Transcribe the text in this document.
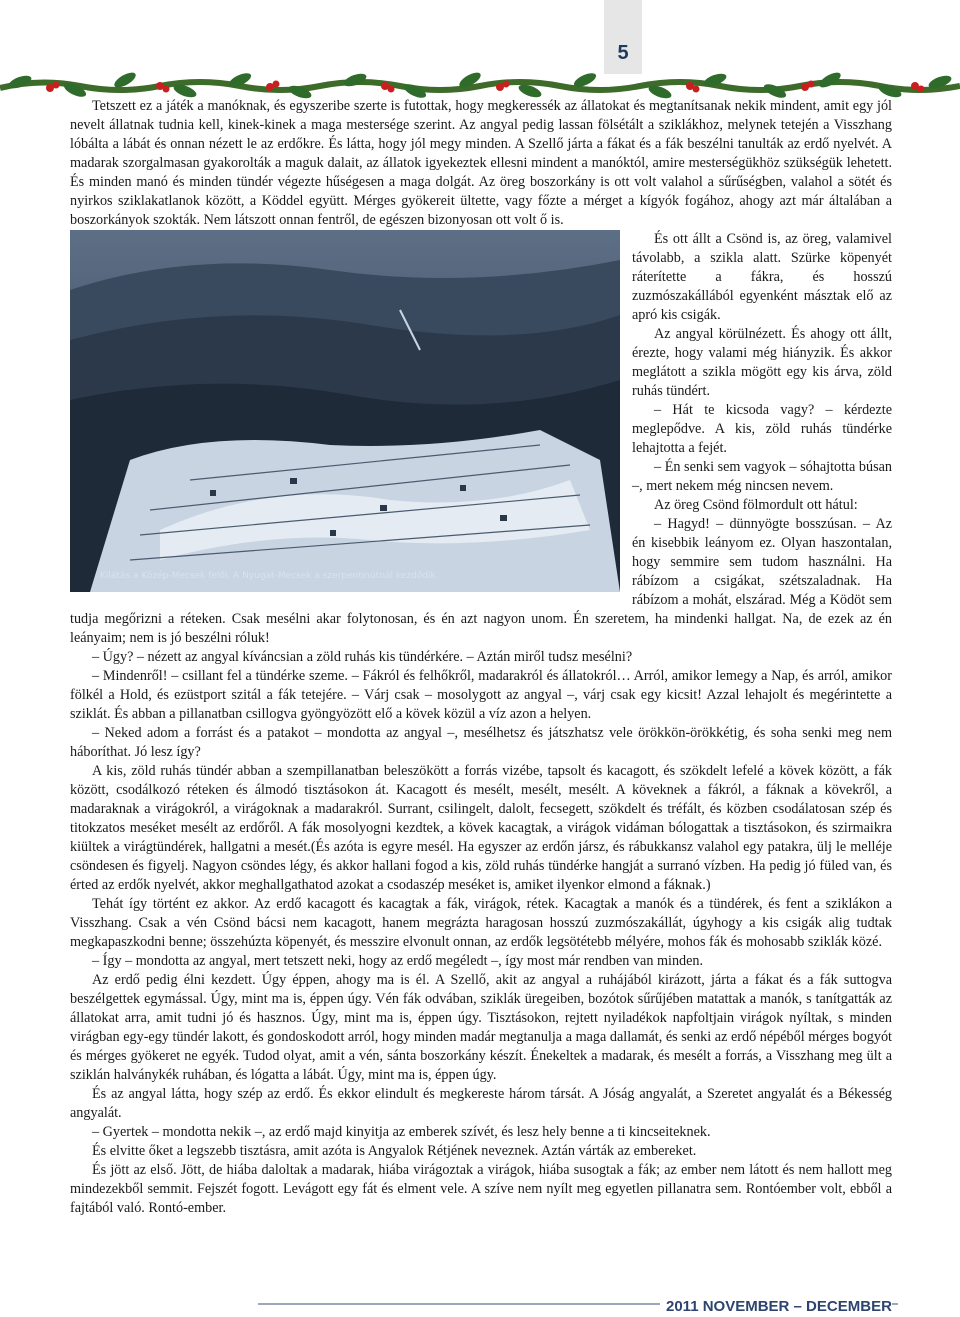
5

Tetszett ez a játék a manóknak, és egyszeribe szerte is futottak, hogy megkeressék az állatokat és megtanítsanak nekik mindent, amit egy jól nevelt állatnak tudnia kell, kinek-kinek a maga mestersége szerint. Az angyal pedig lassan fölsétált a sziklákhoz, melynek tetején a Visszhang lóbálta a lábát és onnan nézett le az erdőkre. És látta, hogy jól megy minden. A Szellő járta a fákat és a fák beszélni tanulták az erdő nyelvét. A madarak szorgalmasan gyakorolták a maguk dalait, az állatok igyekeztek ellesni mindent a manóktól, amire mesterségükhöz szükségük lehetett. És minden manó és minden tündér végezte hűségesen a maga dolgát. Az öreg boszorkány is ott volt valahol a sűrűségben, valahol a sötét és nyirkos sziklakatlanok között, a Köddel együtt. Mérges gyökereit ültette, vagy főzte a mérget a kígyók fogához, ahogy azt már általában a boszorkányok szokták. Nem látszott onnan fentről, de egészen bizonyosan ott volt ő is.

Kilátás a Közép-Mecsek felől. A Nyugat-Mecsek a szerpentinútnál kezdődik.

És ott állt a Csönd is, az öreg, valamivel távolabb, a szikla alatt. Szürke köpenyét ráterítette a fákra, és hosszú zuzmószakállából egyenként másztak elő az apró kis csigák.

Az angyal körülnézett. És ahogy ott állt, érezte, hogy valami még hiányzik. És akkor meglátott a szikla mögött egy kis árva, zöld ruhás tündért.

– Hát te kicsoda vagy? – kérdezte meglepődve. A kis, zöld ruhás tündérke lehajtotta a fejét.

– Én senki sem vagyok – sóhajtotta búsan –, mert nekem még nincsen nevem.

Az öreg Csönd fölmordult ott hátul:

– Hagyd! – dünnyögte bosszúsan. – Az én kisebbik leányom ez. Olyan haszontalan, hogy semmire sem tudom használni. Ha rábízom a csigákat, szétszaladnak. Ha rábízom a mohát, elszárad. Még a Ködöt sem tudja megőrizni a réteken. Csak mesélni akar folytonosan, és én azt nagyon unom. Én szeretem, ha mindenki hallgat. Na, de ezek az én leányaim; nem is jó beszélni róluk!

– Úgy? – nézett az angyal kíváncsian a zöld ruhás kis tündérkére. – Aztán miről tudsz mesélni?

– Mindenről! – csillant fel a tündérke szeme. – Fákról és felhőkről, madarakról és állatokról… Arról, amikor lemegy a Nap, és arról, amikor fölkél a Hold, és ezüstport szitál a fák tetejére. – Várj csak – mosolygott az angyal –, várj csak egy kicsit! Azzal lehajolt és megérintette a sziklát. És abban a pillanatban csillogva gyöngyözött elő a kövek közül a víz azon a helyen.

– Neked adom a forrást és a patakot – mondotta az angyal –, mesélhetsz és játszhatsz vele örökkön-örökkétig, és soha senki meg nem háboríthat. Jó lesz így?

A kis, zöld ruhás tündér abban a szempillanatban beleszökött a forrás vizébe, tapsolt és kacagott, és szökdelt lefelé a kövek között, a fák között, csodálkozó réteken és álmodó tisztásokon át. Kacagott és mesélt, mesélt, mesélt. A köveknek a fákról, a fáknak a kövekről, a madaraknak a virágokról, a virágoknak a madarakról. Surrant, csilingelt, dalolt, fecsegett, szökdelt és tréfált, és közben csodálatosan szép és titokzatos meséket mesélt az erdőről. A fák mosolyogni kezdtek, a kövek kacagtak, a virágok vidáman bólogattak a tisztásokon, és szirmaikra kiültek a virágtündérek, hallgatni a mesét.(És azóta is egyre mesél. Ha egyszer az erdőn jársz, és rábukkansz valahol egy patakra, ülj le melléje csöndesen és figyelj. Nagyon csöndes légy, és akkor hallani fogod a kis, zöld ruhás tündérke hangját a surranó vízben. Ha pedig jó füled van, és érted az erdők nyelvét, akkor meghallgathatod azokat a csodaszép meséket is, amiket ilyenkor elmond a fáknak.)

Tehát így történt ez akkor. Az erdő kacagott és kacagtak a fák, virágok, rétek. Kacagtak a manók és a tündérek, és fent a sziklákon a Visszhang. Csak a vén Csönd bácsi nem kacagott, hanem megrázta haragosan hosszú zuzmószakállát, úgyhogy a kis csigák alig tudtak megkapaszkodni benne; összehúzta köpenyét, és messzire elvonult onnan, az erdők legsötétebb mélyére, mohos fák és mohosabb sziklák közé.

– Így – mondotta az angyal, mert tetszett neki, hogy az erdő megéledt –, így most már rendben van minden.

Az erdő pedig élni kezdett. Úgy éppen, ahogy ma is él. A Szellő, akit az angyal a ruhájából kirázott, járta a fákat és a fák suttogva beszélgettek egymással. Úgy, mint ma is, éppen úgy. Vén fák odvában, sziklák üregeiben, bozótok sűrűjében matattak a manók, s tanítgatták az állatokat arra, amit tudni jó és hasznos. Úgy, mint ma is, éppen úgy. Tisztásokon, rejtett nyiladékok napfoltjain virágok nyíltak, s minden virágban egy-egy tündér lakott, és gondoskodott arról, hogy minden madár megtanulja a maga dallamát, és senki az erdő népéből mérges bogyót és mérges gyökeret ne egyék. Tudod olyat, amit a vén, sánta boszorkány készít. Énekeltek a madarak, és mesélt a forrás, a Visszhang meg ült a sziklán halványkék ruhában, és lógatta a lábát. Úgy, mint ma is, éppen úgy.

És az angyal látta, hogy szép az erdő. És ekkor elindult és megkereste három társát. A Jóság angyalát, a Szeretet angyalát és a Békesség angyalát.

– Gyertek – mondotta nekik –, az erdő majd kinyitja az emberek szívét, és lesz hely benne a ti kincseiteknek.

És elvitte őket a legszebb tisztásra, amit azóta is Angyalok Rétjének neveznek. Aztán várták az embereket.

És jött az első. Jött, de hiába daloltak a madarak, hiába virágoztak a virágok, hiába susogtak a fák; az ember nem látott és nem hallott meg mindezekből semmit. Fejszét fogott. Levágott egy fát és elment vele. A szíve nem nyílt meg egyetlen pillanatra sem. Rontóember volt, ebből a fajtából való. Rontó-ember.

2011 NOVEMBER – DECEMBER
